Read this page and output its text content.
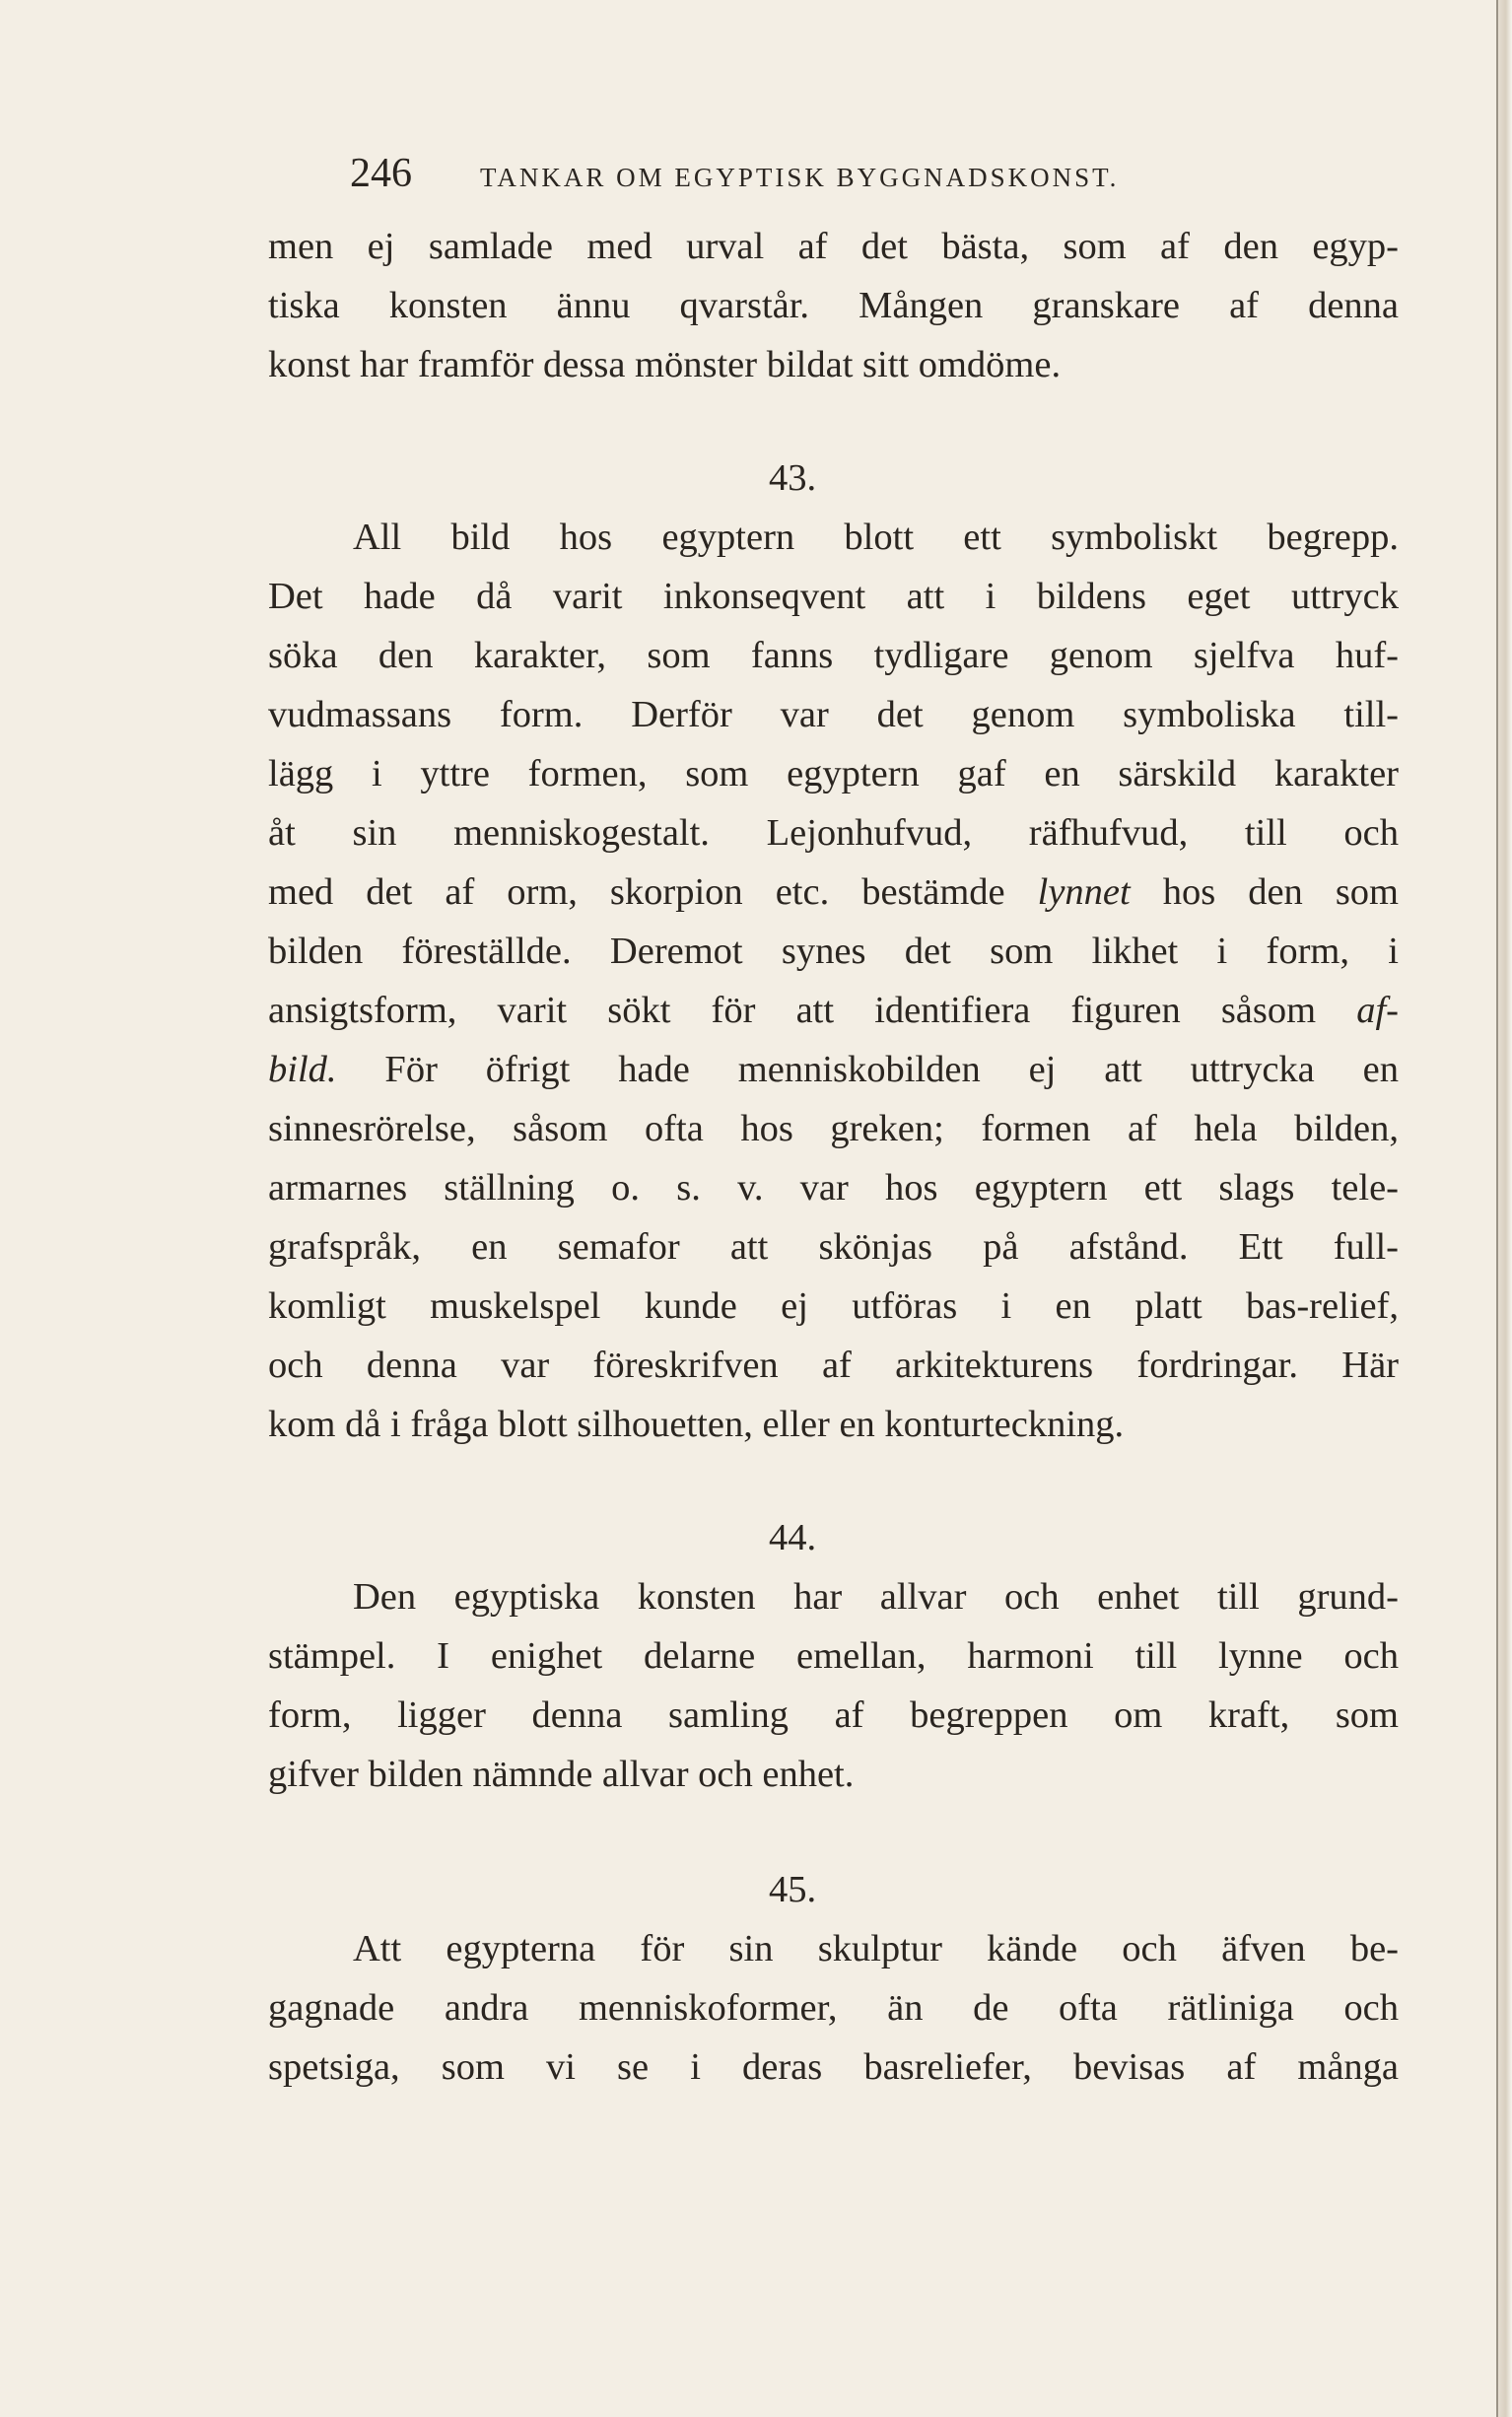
246	TANKAR OM EGYPTISK BYGGNADSKONST.
men ej samlade med urval af det bästa, som af den egyp-
tiska konsten ännu qvarstår. Mången granskare af denna
konst har framför dessa mönster bildat sitt omdöme.
43.
All bild hos egyptern blott ett symboliskt begrepp.
Det hade då varit inkonseqvent att i bildens eget uttryck
söka den karakter, som fanns tydligare genom sjelfva huf-
vudmassans form. Derför var det genom symboliska till-
lägg i yttre formen, som egyptern gaf en särskild karakter
åt sin menniskogestalt. Lejonhufvud, räfhufvud, till och
med det af orm, skorpion etc. bestämde lynnet hos den som
bilden föreställde. Deremot synes det som likhet i form, i
ansigtsform, varit sökt för att identifiera figuren såsom af-
bild. För öfrigt hade menniskobilden ej att uttrycka en
sinnesrörelse, såsom ofta hos greken; formen af hela bilden,
armarnes ställning o. s. v. var hos egyptern ett slags tele-
grafspråk, en semafor att skönjas på afstånd. Ett full-
komligt muskelspel kunde ej utföras i en platt bas-relief,
och denna var föreskrifven af arkitekturens fordringar. Här
kom då i fråga blott silhouetten, eller en konturteckning.
44.
Den egyptiska konsten har allvar och enhet till grund-
stämpel. I enighet delarne emellan, harmoni till lynne och
form, ligger denna samling af begreppen om kraft, som
gifver bilden nämnde allvar och enhet.
45.
Att egypterna för sin skulptur kände och äfven be-
gagnade andra menniskoformer, än de ofta rätliniga och
spetsiga, som vi se i deras basreliefer, bevisas af många
